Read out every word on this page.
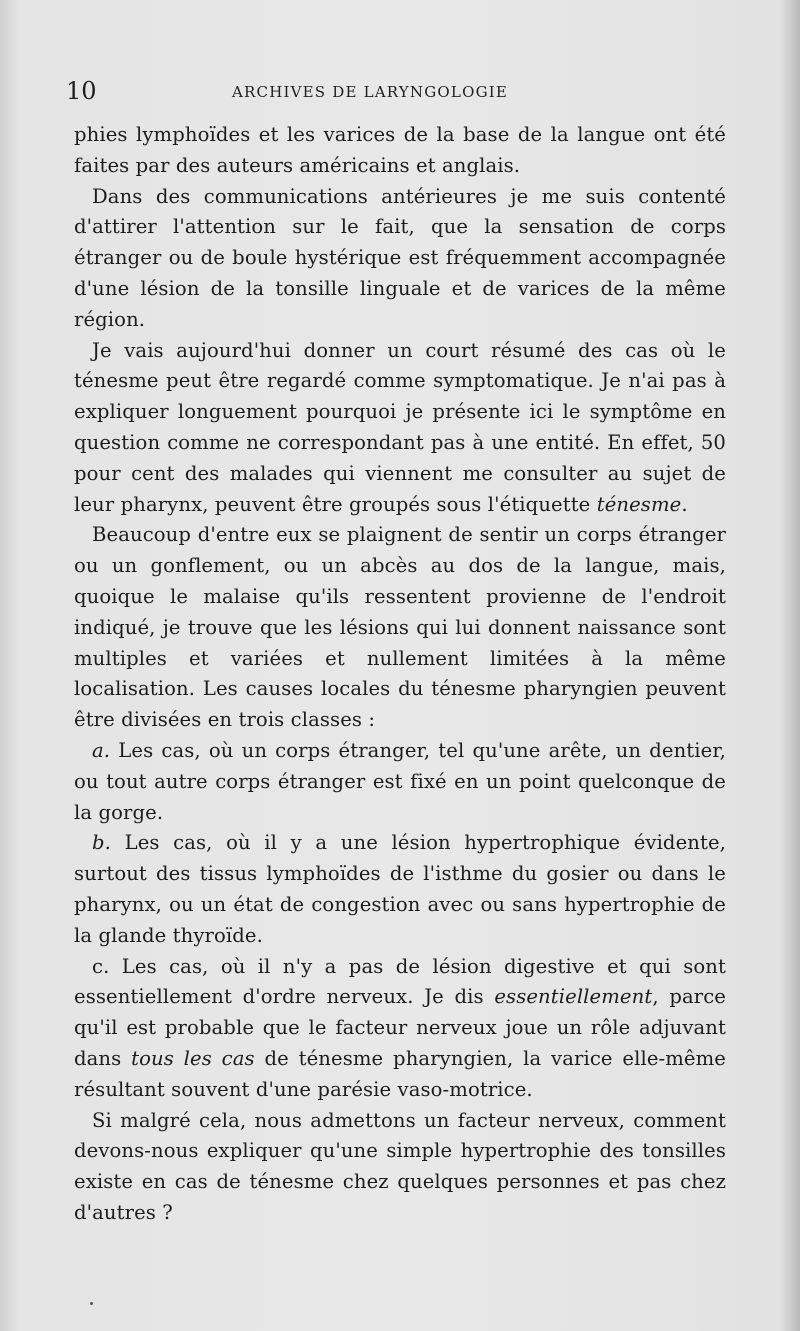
10	ARCHIVES DE LARYNGOLOGIE

phies lymphoïdes et les varices de la base de la langue ont été faites par des auteurs américains et anglais.

Dans des communications antérieures je me suis contenté d'attirer l'attention sur le fait, que la sensation de corps étranger ou de boule hystérique est fréquemment accompagnée d'une lésion de la tonsille linguale et de varices de la même région.

Je vais aujourd'hui donner un court résumé des cas où le ténesme peut être regardé comme symptomatique. Je n'ai pas à expliquer longuement pourquoi je présente ici le symptôme en question comme ne correspondant pas à une entité. En effet, 50 pour cent des malades qui viennent me consulter au sujet de leur pharynx, peuvent être groupés sous l'étiquette ténesme.

Beaucoup d'entre eux se plaignent de sentir un corps étranger ou un gonflement, ou un abcès au dos de la langue, mais, quoique le malaise qu'ils ressentent provienne de l'endroit indiqué, je trouve que les lésions qui lui donnent naissance sont multiples et variées et nullement limitées à la même localisation. Les causes locales du ténesme pharyngien peuvent être divisées en trois classes :

a. Les cas, où un corps étranger, tel qu'une arête, un dentier, ou tout autre corps étranger est fixé en un point quelconque de la gorge.

b. Les cas, où il y a une lésion hypertrophique évidente, surtout des tissus lymphoïdes de l'isthme du gosier ou dans le pharynx, ou un état de congestion avec ou sans hypertrophie de la glande thyroïde.

c. Les cas, où il n'y a pas de lésion digestive et qui sont essentiellement d'ordre nerveux. Je dis essentiellement, parce qu'il est probable que le facteur nerveux joue un rôle adjuvant dans tous les cas de ténesme pharyngien, la varice elle-même résultant souvent d'une parésie vaso-motrice.

Si malgré cela, nous admettons un facteur nerveux, comment devons-nous expliquer qu'une simple hypertrophie des tonsilles existe en cas de ténesme chez quelques personnes et pas chez d'autres ?
